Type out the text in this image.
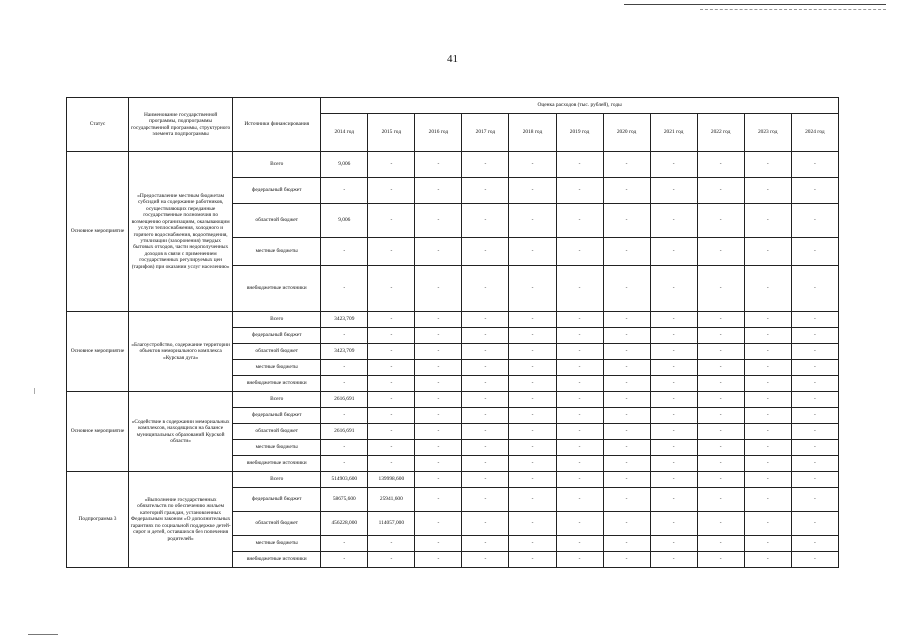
41
Статус	Наименование государственной программы, подпрограммы государственной программы, структурного элемента подпрограммы	Источники финансирования	Оценка расходов (тыс. рублей), годы										
			2014 год	2015 год	2016 год	2017 год	2018 год	2019 год	2020 год	2021 год	2022 год	2023 год	2024 год
Основное мероприятие	«Предоставление местным бюджетам субсидий на содержание работников, осуществляющих переданные государственные полномочия по возмещению организациям, оказывающим услуги теплоснабжения, холодного и горячего водоснабжения, водоотведения, утилизации (захоронения) твердых бытовых отходов, части недополученных доходов в связи с применением государственных регулируемых цен (тарифов) при оказании услуг населению»	Всего	9,006	-	-	-	-	-	-	-	-	-	-
		федеральный бюджет	-	-	-	-	-	-	-	-	-	-	-
		областной бюджет	9,006	-	-	-	-	-	-	-	-	-	-
		местные бюджеты	-	-	-	-	-	-	-	-	-	-	-
		внебюджетные источники	-	-	-	-	-	-	-	-	-	-	-
Основное мероприятие	«Благоустройство, содержание территории объектов мемориального комплекса «Курская дуга»	Всего	3423,709	-	-	-	-	-	-	-	-	-	-
		федеральный бюджет	-	-	-	-	-	-	-	-	-	-	-
		областной бюджет	3423,709	-	-	-	-	-	-	-	-	-	-
		местные бюджеты	-	-	-	-	-	-	-	-	-	-	-
		внебюджетные источники	-	-	-	-	-	-	-	-	-	-	-
Основное мероприятие	«Содействие в содержании мемориальных комплексов, находящихся на балансе муниципальных образований Курской области»	Всего	2616,691	-	-	-	-	-	-	-	-	-	-
		федеральный бюджет	-	-	-	-	-	-	-	-	-	-	-
		областной бюджет	2616,691	-	-	-	-	-	-	-	-	-	-
		местные бюджеты	-	-	-	-	-	-	-	-	-	-	-
		внебюджетные источники	-	-	-	-	-	-	-	-	-	-	-
Подпрограмма 3	«Выполнение государственных обязательств по обеспечению жильем категорий граждан, установленных Федеральным законом «О дополнительных гарантиях по социальной поддержке детей-сирот и детей, оставшихся без попечения родителей»	Всего	514903,600	139998,600	-	-	-	-	-	-	-	-	-
		федеральный бюджет	58675,600	25941,600	-	-	-	-	-	-	-	-	-
		областной бюджет	456228,000	114057,000	-	-	-	-	-	-	-	-	-
		местные бюджеты	-	-	-	-	-	-	-	-	-	-	-
		внебюджетные источники	-	-	-	-	-	-	-	-	-	-	-
